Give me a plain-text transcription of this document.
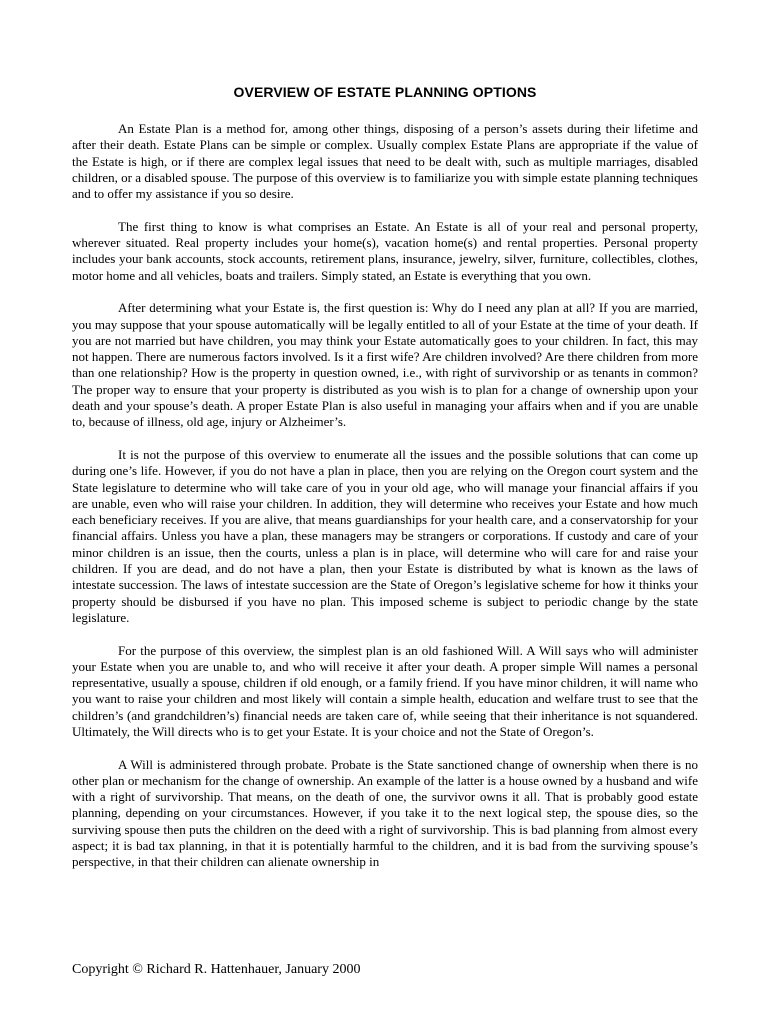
OVERVIEW OF ESTATE PLANNING OPTIONS

An Estate Plan is a method for, among other things, disposing of a person’s assets during their lifetime and after their death. Estate Plans can be simple or complex. Usually complex Estate Plans are appropriate if the value of the Estate is high, or if there are complex legal issues that need to be dealt with, such as multiple marriages, disabled children, or a disabled spouse. The purpose of this overview is to familiarize you with simple estate planning techniques and to offer my assistance if you so desire.

The first thing to know is what comprises an Estate. An Estate is all of your real and personal property, wherever situated. Real property includes your home(s), vacation home(s) and rental properties. Personal property includes your bank accounts, stock accounts, retirement plans, insurance, jewelry, silver, furniture, collectibles, clothes, motor home and all vehicles, boats and trailers. Simply stated, an Estate is everything that you own.

After determining what your Estate is, the first question is: Why do I need any plan at all? If you are married, you may suppose that your spouse automatically will be legally entitled to all of your Estate at the time of your death. If you are not married but have children, you may think your Estate automatically goes to your children. In fact, this may not happen. There are numerous factors involved. Is it a first wife? Are children involved? Are there children from more than one relationship? How is the property in question owned, i.e., with right of survivorship or as tenants in common? The proper way to ensure that your property is distributed as you wish is to plan for a change of ownership upon your death and your spouse’s death. A proper Estate Plan is also useful in managing your affairs when and if you are unable to, because of illness, old age, injury or Alzheimer’s.

It is not the purpose of this overview to enumerate all the issues and the possible solutions that can come up during one’s life. However, if you do not have a plan in place, then you are relying on the Oregon court system and the State legislature to determine who will take care of you in your old age, who will manage your financial affairs if you are unable, even who will raise your children. In addition, they will determine who receives your Estate and how much each beneficiary receives. If you are alive, that means guardianships for your health care, and a conservatorship for your financial affairs. Unless you have a plan, these managers may be strangers or corporations. If custody and care of your minor children is an issue, then the courts, unless a plan is in place, will determine who will care for and raise your children. If you are dead, and do not have a plan, then your Estate is distributed by what is known as the laws of intestate succession. The laws of intestate succession are the State of Oregon’s legislative scheme for how it thinks your property should be disbursed if you have no plan. This imposed scheme is subject to periodic change by the state legislature.

For the purpose of this overview, the simplest plan is an old fashioned Will. A Will says who will administer your Estate when you are unable to, and who will receive it after your death. A proper simple Will names a personal representative, usually a spouse, children if old enough, or a family friend. If you have minor children, it will name who you want to raise your children and most likely will contain a simple health, education and welfare trust to see that the children’s (and grandchildren’s) financial needs are taken care of, while seeing that their inheritance is not squandered. Ultimately, the Will directs who is to get your Estate. It is your choice and not the State of Oregon’s.

A Will is administered through probate. Probate is the State sanctioned change of ownership when there is no other plan or mechanism for the change of ownership. An example of the latter is a house owned by a husband and wife with a right of survivorship. That means, on the death of one, the survivor owns it all. That is probably good estate planning, depending on your circumstances. However, if you take it to the next logical step, the spouse dies, so the surviving spouse then puts the children on the deed with a right of survivorship. This is bad planning from almost every aspect; it is bad tax planning, in that it is potentially harmful to the children, and it is bad from the surviving spouse’s perspective, in that their children can alienate ownership in

Copyright © Richard R. Hattenhauer, January 2000
